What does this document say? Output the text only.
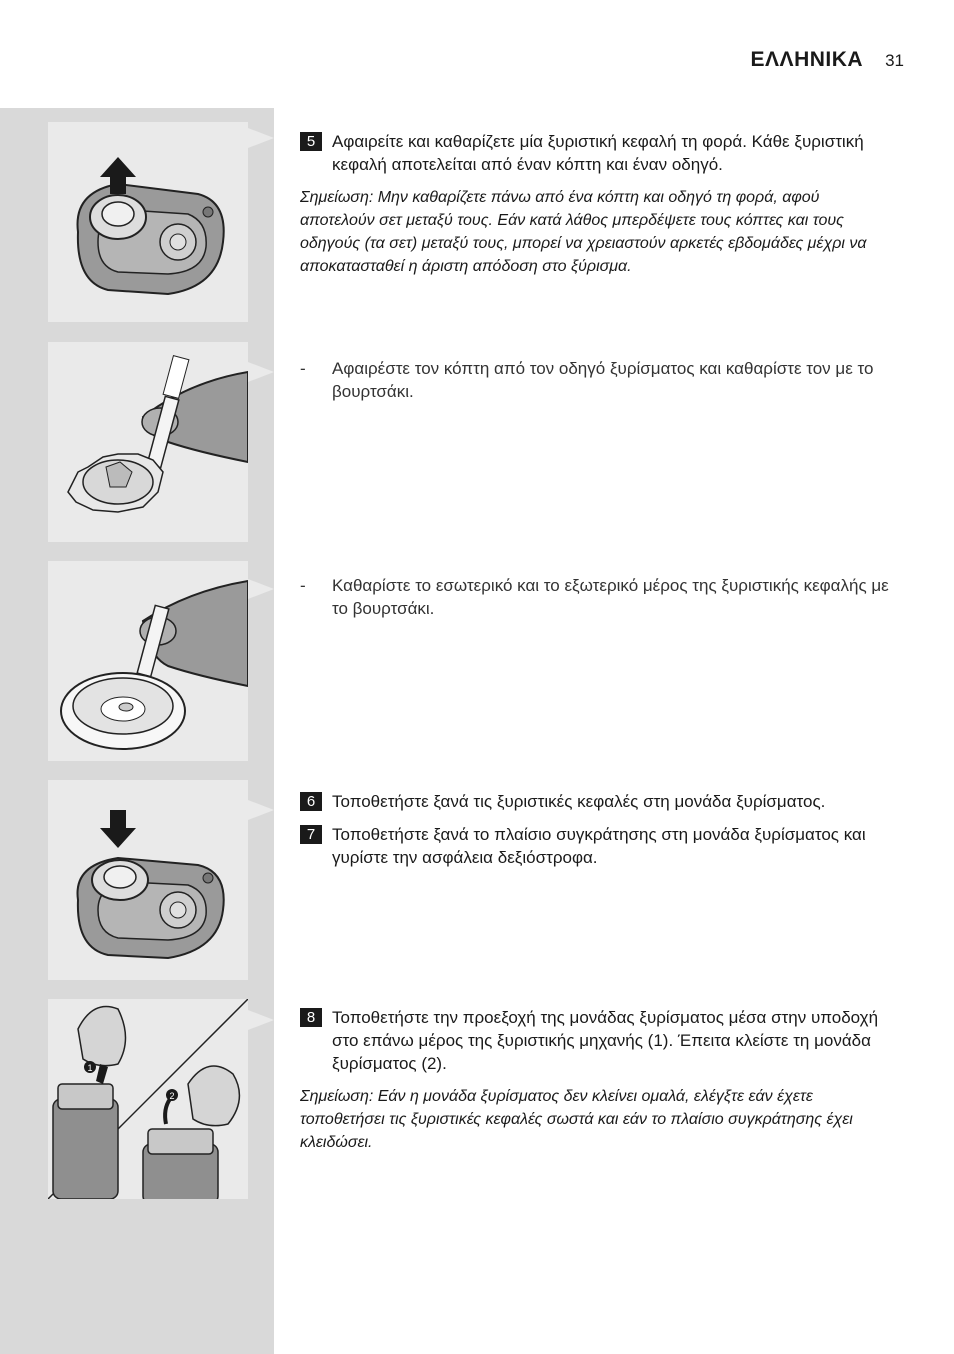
ΕΛΛΗΝΙΚΑ 31
1
2
5 Αφαιρείτε και καθαρίζετε μία ξυριστική κεφαλή τη φορά. Κάθε ξυριστική κεφαλή αποτελείται από έναν κόπτη και έναν οδηγό.
Σημείωση: Μην καθαρίζετε πάνω από ένα κόπτη και οδηγό τη φορά, αφού αποτελούν σετ μεταξύ τους. Εάν κατά λάθος μπερδέψετε τους κόπτες και τους οδηγούς (τα σετ) μεταξύ τους, μπορεί να χρειαστούν αρκετές εβδομάδες μέχρι να αποκατασταθεί η άριστη απόδοση στο ξύρισμα.
-	Αφαιρέστε τον κόπτη από τον οδηγό ξυρίσματος και καθαρίστε τον με το βουρτσάκι.
-	Καθαρίστε το εσωτερικό και το εξωτερικό μέρος της ξυριστικής κεφαλής με το βουρτσάκι.
6 Τοποθετήστε ξανά τις ξυριστικές κεφαλές στη μονάδα ξυρίσματος.
7 Τοποθετήστε ξανά το πλαίσιο συγκράτησης στη μονάδα ξυρίσματος και γυρίστε την ασφάλεια δεξιόστροφα.
8 Τοποθετήστε την προεξοχή της μονάδας ξυρίσματος μέσα στην υποδοχή στο επάνω μέρος της ξυριστικής μηχανής (1). Έπειτα κλείστε τη μονάδα ξυρίσματος (2).
Σημείωση: Εάν η μονάδα ξυρίσματος δεν κλείνει ομαλά, ελέγξτε εάν έχετε τοποθετήσει τις ξυριστικές κεφαλές σωστά και εάν το πλαίσιο συγκράτησης έχει κλειδώσει.
